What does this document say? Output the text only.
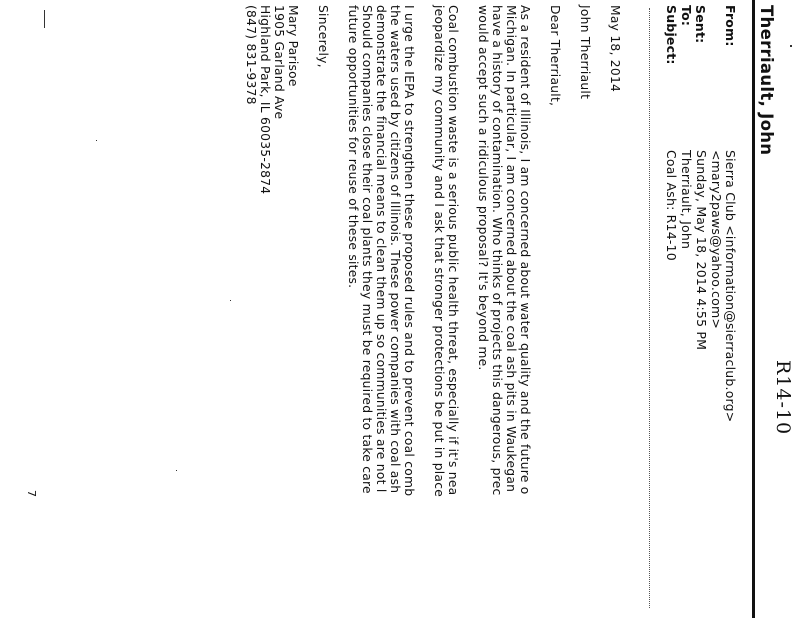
R14-10
Therriault, John
From:
Sent:
To:
Subject:
Sierra Club <information@sierraclub.org>
<mary2paws@yahoo.com>
Sunday, May 18, 2014 4:55 PM
Therriault, John
Coal Ash: R14-10
May 18, 2014
John Therriault
Dear Therriault,
As a resident of Illinois, I am concerned about water quality and the future o
Michigan. In particular, I am concerned about the coal ash pits in Waukegan
have a history of contamination. Who thinks of projects this dangerous, prec
would accept such a ridiculous proposal? It's beyond me.
Coal combustion waste is a serious public health threat, especially if it's nea
jeopardize my community and I ask that stronger protections be put in place
I urge the IEPA to strengthen these proposed rules and to prevent coal comb
the waters used by citizens of Illinois. These power companies with coal ash
demonstrate the financial means to clean them up so communities are not l
Should companies close their coal plants they must be required to take care
future opportunities for reuse of these sites.
Sincerely,
Mary Parisoe
1905 Garland Ave
Highland Park, IL 60035-2874
(847) 831-9378
7
